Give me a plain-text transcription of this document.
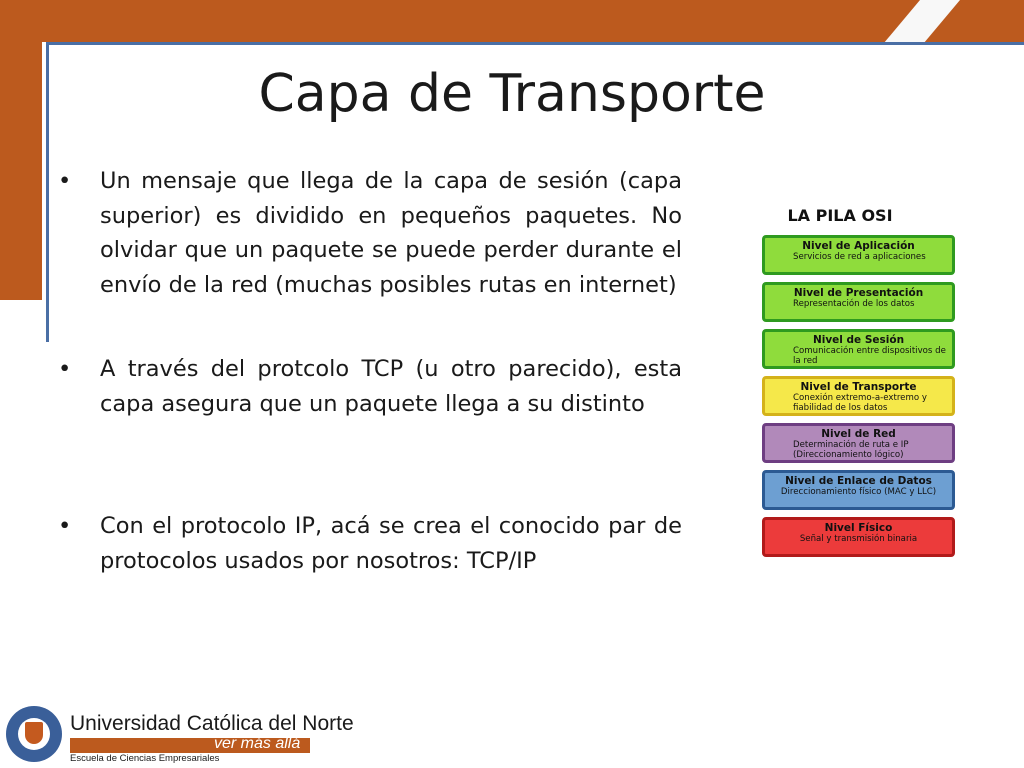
Capa de Transporte
• Un mensaje que llega de la capa de sesión (capa superior) es dividido en pequeños paquetes. No olvidar que un paquete se puede perder durante el envío de la red (muchas posibles rutas en internet)
• A través del protcolo TCP (u otro parecido), esta capa asegura que un paquete llega a su distinto
• Con el protocolo IP, acá se crea el conocido par de protocolos usados por nosotros: TCP/IP
LA PILA OSI
Nivel de Aplicación
Servicios de red a aplicaciones
Nivel de Presentación
Representación de los datos
Nivel de Sesión
Comunicación entre dispositivos de la red
Nivel de Transporte
Conexión extremo-a-extremo y fiabilidad de los datos
Nivel de Red
Determinación de ruta e IP (Direccionamiento lógico)
Nivel de Enlace de Datos
Direccionamiento físico (MAC y LLC)
Nivel Físico
Señal y transmisión binaria
Universidad Católica del Norte
ver más allá
Escuela de Ciencias Empresariales
